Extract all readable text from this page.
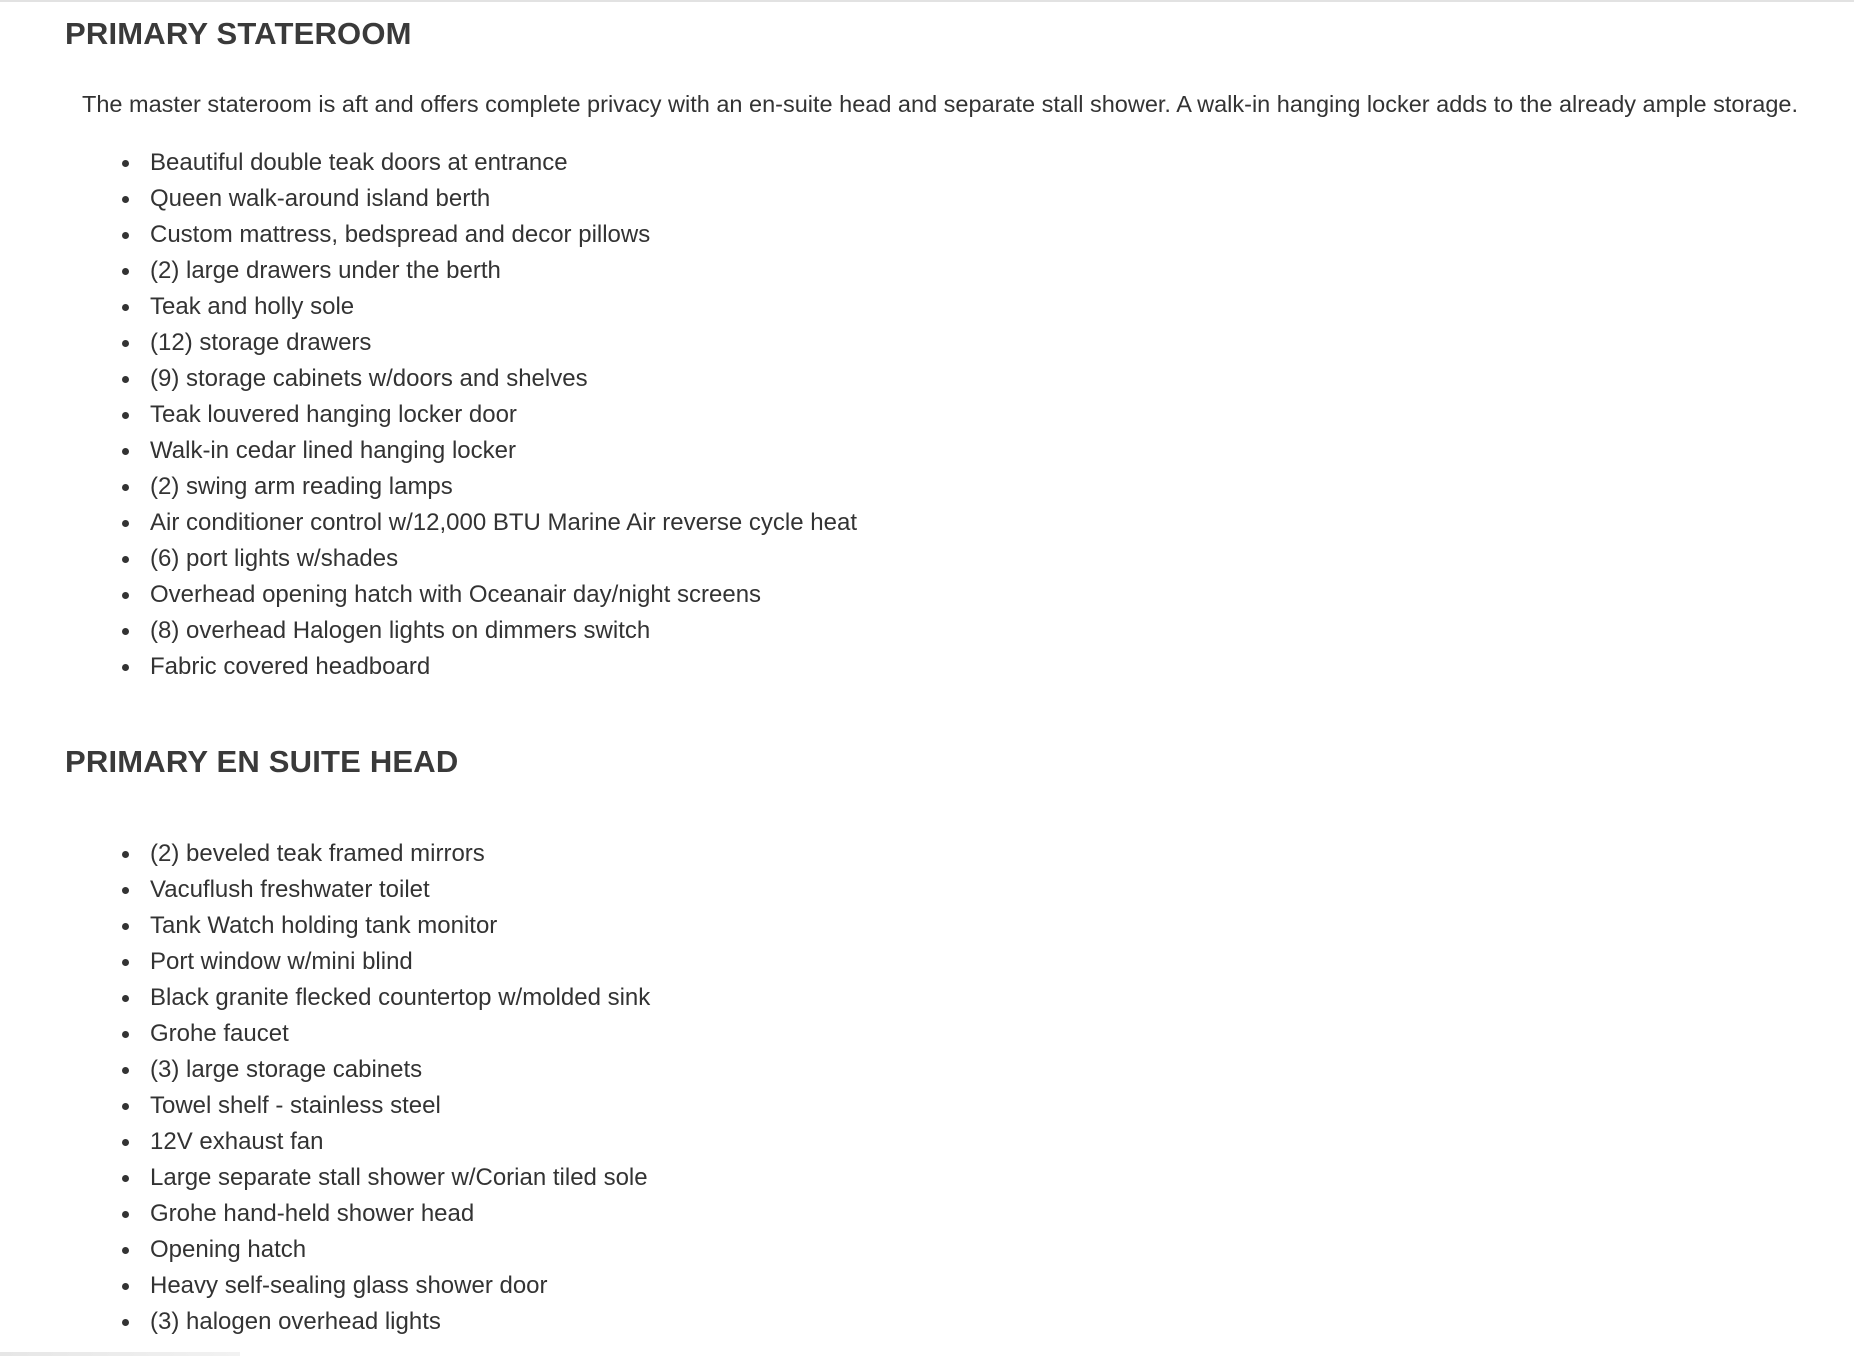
PRIMARY STATEROOM

The master stateroom is aft and offers complete privacy with an en-suite head and separate stall shower. A walk-in hanging locker adds to the already ample storage.

Beautiful double teak doors at entrance
Queen walk-around island berth
Custom mattress, bedspread and decor pillows
(2) large drawers under the berth
Teak and holly sole
(12) storage drawers
(9) storage cabinets w/doors and shelves
Teak louvered hanging locker door
Walk-in cedar lined hanging locker
(2) swing arm reading lamps
Air conditioner control w/12,000 BTU Marine Air reverse cycle heat
(6) port lights w/shades
Overhead opening hatch with Oceanair day/night screens
(8) overhead Halogen lights on dimmers switch
Fabric covered headboard
PRIMARY EN SUITE HEAD
(2) beveled teak framed mirrors
Vacuflush freshwater toilet
Tank Watch holding tank monitor
Port window w/mini blind
Black granite flecked countertop w/molded sink
Grohe faucet
(3) large storage cabinets
Towel shelf - stainless steel
12V exhaust fan
Large separate stall shower w/Corian tiled sole
Grohe hand-held shower head
Opening hatch
Heavy self-sealing glass shower door
(3) halogen overhead lights
